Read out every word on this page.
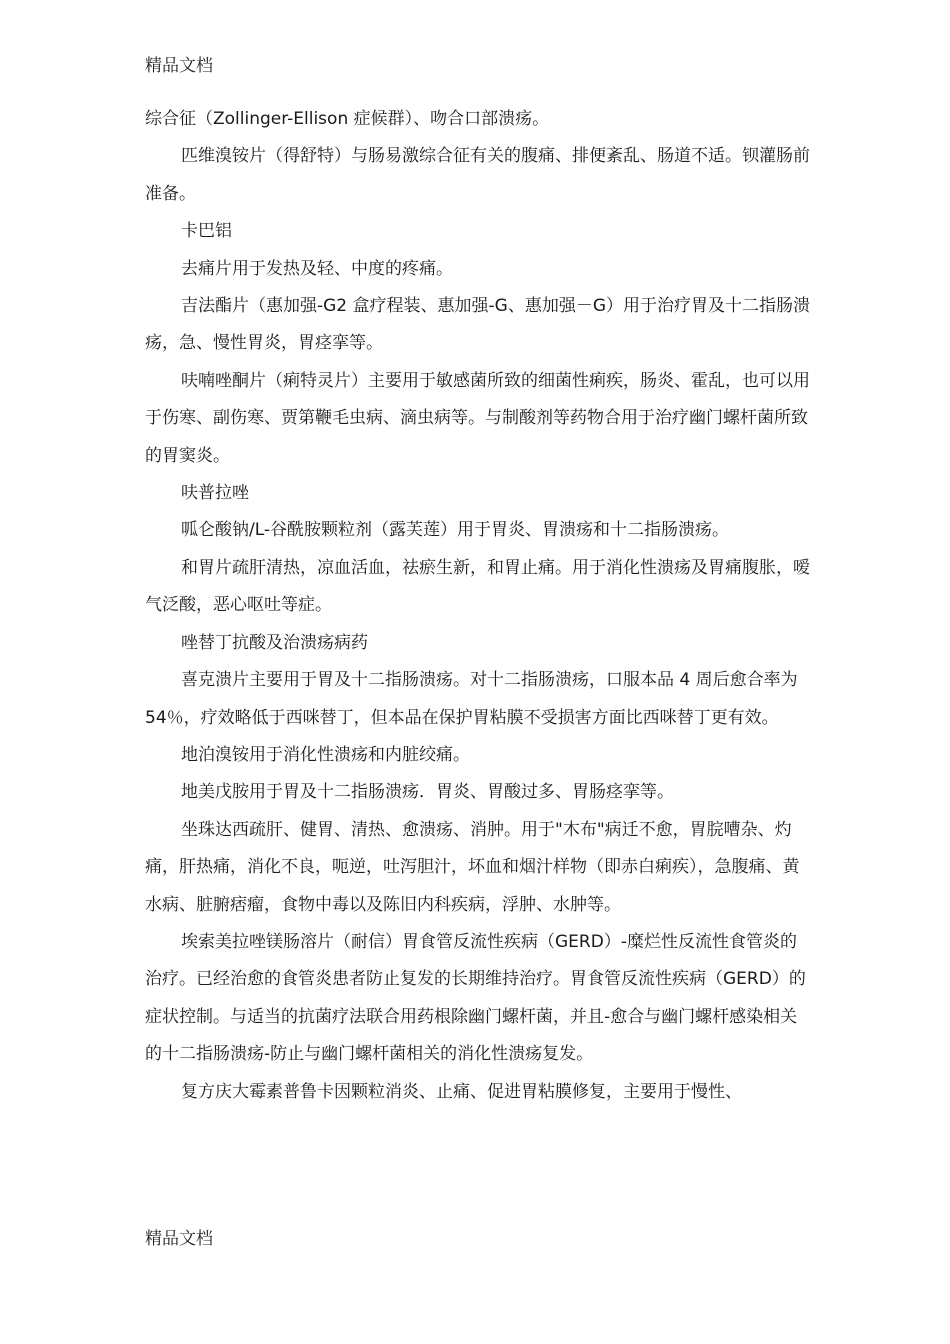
精品文档

综合征（Zollinger-Ellison 症候群）、吻合口部溃疡。

匹维溴铵片（得舒特）与肠易激综合征有关的腹痛、排便紊乱、肠道不适。钡灌肠前准备。

卡巴铝

去痛片用于发热及轻、中度的疼痛。

吉法酯片（惠加强-G2 盒疗程装、惠加强-G、惠加强－G）用于治疗胃及十二指肠溃疡，急、慢性胃炎，胃痉挛等。

呋喃唑酮片（痢特灵片）主要用于敏感菌所致的细菌性痢疾，肠炎、霍乱，也可以用于伤寒、副伤寒、贾第鞭毛虫病、滴虫病等。与制酸剂等药物合用于治疗幽门螺杆菌所致的胃窦炎。

呋普拉唑

呱仑酸钠/L-谷酰胺颗粒剂（露芙莲）用于胃炎、胃溃疡和十二指肠溃疡。

和胃片疏肝清热，凉血活血，祛瘀生新，和胃止痛。用于消化性溃疡及胃痛腹胀，嗳气泛酸，恶心呕吐等症。

唑替丁抗酸及治溃疡病药

喜克溃片主要用于胃及十二指肠溃疡。对十二指肠溃疡，口服本品 4 周后愈合率为 54％，疗效略低于西咪替丁，但本品在保护胃粘膜不受损害方面比西咪替丁更有效。

地泊溴铵用于消化性溃疡和内脏绞痛。

地美戊胺用于胃及十二指肠溃疡．胃炎、胃酸过多、胃肠痉挛等。

坐珠达西疏肝、健胃、清热、愈溃疡、消肿。用于"木布"病迁不愈，胃脘嘈杂、灼痛，肝热痛，消化不良，呃逆，吐泻胆汁，坏血和烟汁样物（即赤白痢疾），急腹痛、黄水病、脏腑痞瘤，食物中毒以及陈旧内科疾病，浮肿、水肿等。

埃索美拉唑镁肠溶片（耐信）胃食管反流性疾病（GERD）-糜烂性反流性食管炎的治疗。已经治愈的食管炎患者防止复发的长期维持治疗。胃食管反流性疾病（GERD）的症状控制。与适当的抗菌疗法联合用药根除幽门螺杆菌，并且-愈合与幽门螺杆感染相关的十二指肠溃疡-防止与幽门螺杆菌相关的消化性溃疡复发。

复方庆大霉素普鲁卡因颗粒消炎、止痛、促进胃粘膜修复，主要用于慢性、

精品文档
